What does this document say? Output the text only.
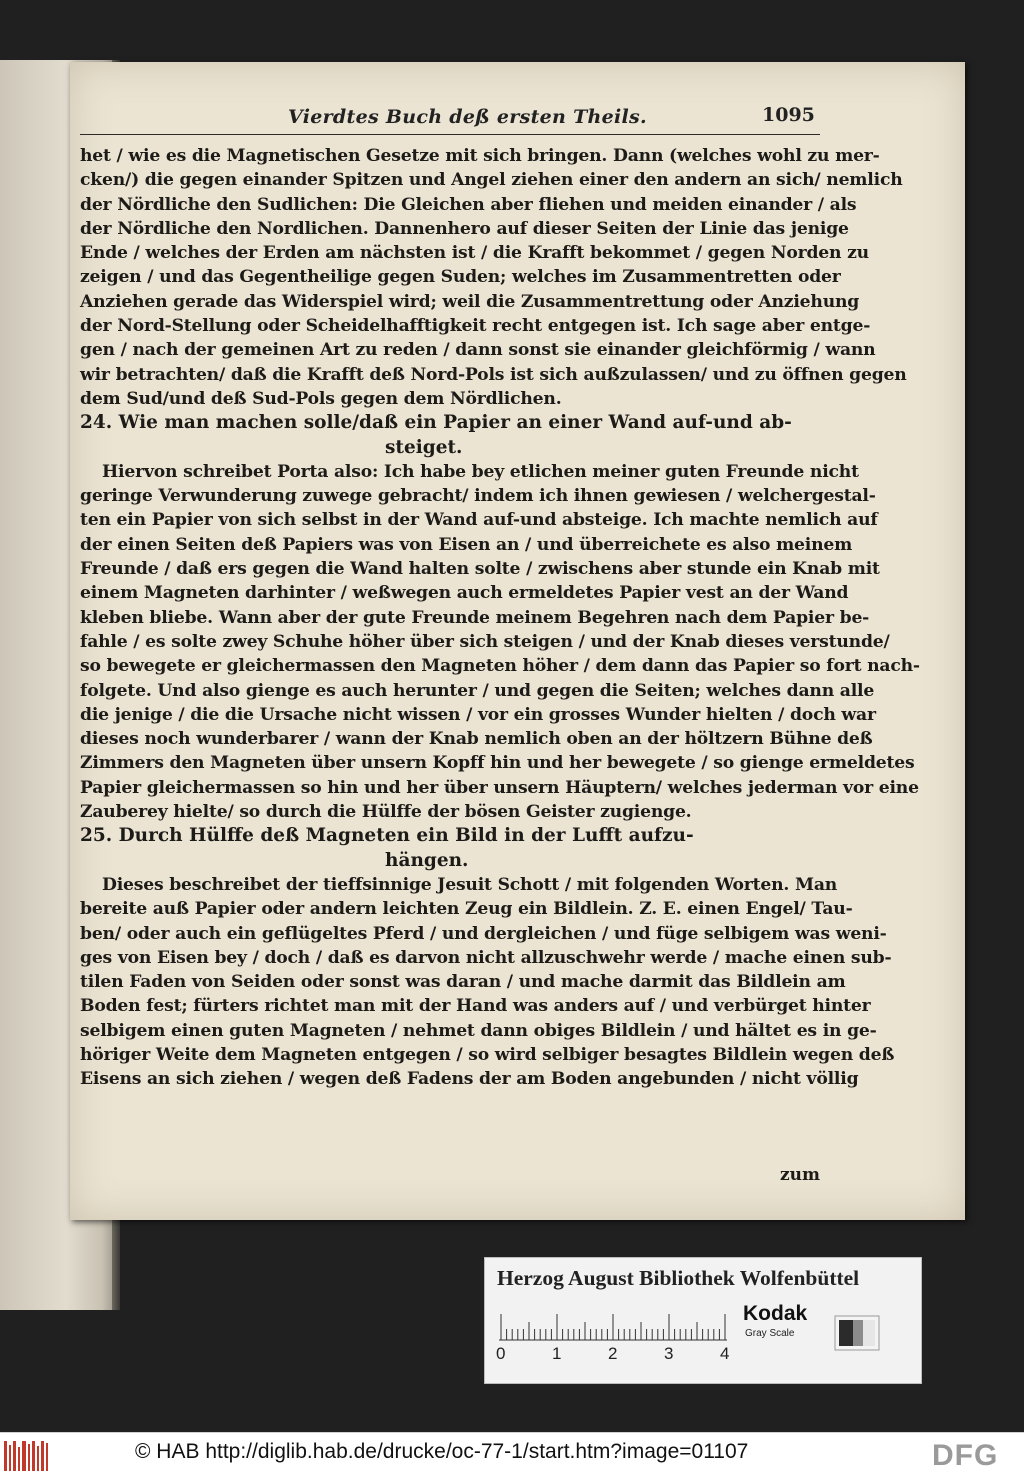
Vierdtes Buch deß ersten Theils.	1095
het / wie es die Magnetischen Gesetze mit sich bringen. Dann (welches wohl zu mer-
cken/) die gegen einander Spitzen und Angel ziehen einer den andern an sich/ nemlich
der Nördliche den Sudlichen: Die Gleichen aber fliehen und meiden einander / als
der Nördliche den Nordlichen. Dannenhero auf dieser Seiten der Linie das jenige
Ende / welches der Erden am nächsten ist / die Krafft bekommet / gegen Norden zu
zeigen / und das Gegentheilige gegen Suden; welches im Zusammentretten oder
Anziehen gerade das Widerspiel wird; weil die Zusammentrettung oder Anziehung
der Nord-Stellung oder Scheidelhafftigkeit recht entgegen ist. Ich sage aber entge-
gen / nach der gemeinen Art zu reden / dann sonst sie einander gleichförmig / wann
wir betrachten/ daß die Krafft deß Nord-Pols ist sich außzulassen/ und zu öffnen gegen
dem Sud/und deß Sud-Pols gegen dem Nördlichen.
24. Wie man machen solle/daß ein Papier an einer Wand auf-und ab-
steiget.
Hiervon schreibet Porta also: Ich habe bey etlichen meiner guten Freunde nicht
geringe Verwunderung zuwege gebracht/ indem ich ihnen gewiesen / welchergestal-
ten ein Papier von sich selbst in der Wand auf-und absteige. Ich machte nemlich auf
der einen Seiten deß Papiers was von Eisen an / und überreichete es also meinem
Freunde / daß ers gegen die Wand halten solte / zwischens aber stunde ein Knab mit
einem Magneten darhinter / weßwegen auch ermeldetes Papier vest an der Wand
kleben bliebe. Wann aber der gute Freunde meinem Begehren nach dem Papier be-
fahle / es solte zwey Schuhe höher über sich steigen / und der Knab dieses verstunde/
so bewegete er gleichermassen den Magneten höher / dem dann das Papier so fort nach-
folgete. Und also gienge es auch herunter / und gegen die Seiten; welches dann alle
die jenige / die die Ursache nicht wissen / vor ein grosses Wunder hielten / doch war
dieses noch wunderbarer / wann der Knab nemlich oben an der höltzern Bühne deß
Zimmers den Magneten über unsern Kopff hin und her bewegete / so gienge ermeldetes
Papier gleichermassen so hin und her über unsern Häuptern/ welches jederman vor eine
Zauberey hielte/ so durch die Hülffe der bösen Geister zugienge.
25. Durch Hülffe deß Magneten ein Bild in der Lufft aufzu-
hängen.
Dieses beschreibet der tieffsinnige Jesuit Schott / mit folgenden Worten. Man
bereite auß Papier oder andern leichten Zeug ein Bildlein. Z. E. einen Engel/ Tau-
ben/ oder auch ein geflügeltes Pferd / und dergleichen / und füge selbigem was weni-
ges von Eisen bey / doch / daß es darvon nicht allzuschwehr werde / mache einen sub-
tilen Faden von Seiden oder sonst was daran / und mache darmit das Bildlein am
Boden fest; fürters richtet man mit der Hand was anders auf / und verbürget hinter
selbigem einen guten Magneten / nehmet dann obiges Bildlein / und hältet es in ge-
höriger Weite dem Magneten entgegen / so wird selbiger besagtes Bildlein wegen deß
Eisens an sich ziehen / wegen deß Fadens der am Boden angebunden / nicht völlig
zum
Herzog August Bibliothek Wolfenbüttel
0	1	2	3	4
Kodak
Gray Scale
© HAB http://diglib.hab.de/drucke/oc-77-1/start.htm?image=01107	DFG
